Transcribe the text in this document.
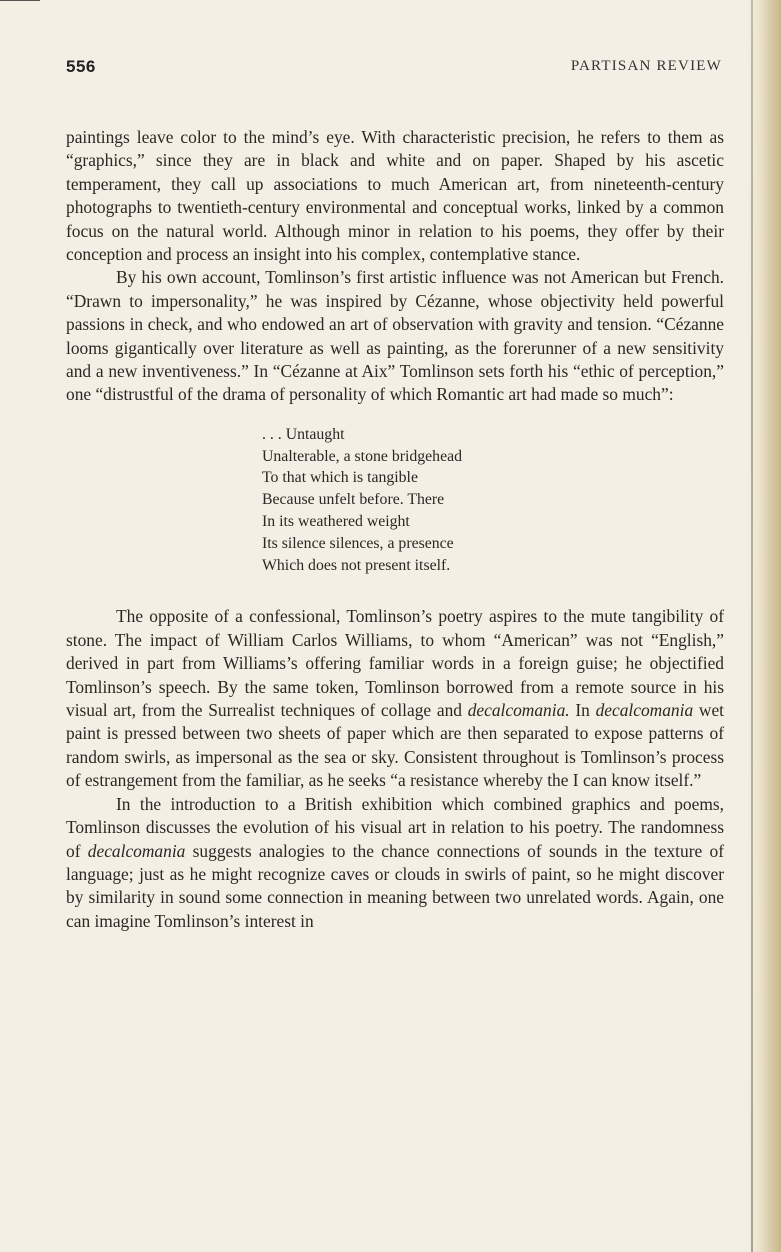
556	PARTISAN REVIEW

paintings leave color to the mind’s eye. With characteristic precision, he refers to them as “graphics,” since they are in black and white and on paper. Shaped by his ascetic temperament, they call up associations to much American art, from nineteenth-century photographs to twentieth-century environmental and conceptual works, linked by a common focus on the natural world. Although minor in relation to his poems, they offer by their conception and process an insight into his complex, contemplative stance.

By his own account, Tomlinson’s first artistic influence was not American but French. “Drawn to impersonality,” he was inspired by Cézanne, whose objectivity held powerful passions in check, and who endowed an art of observation with gravity and tension. “Cézanne looms gigantically over literature as well as painting, as the forerunner of a new sensitivity and a new inventiveness.” In “Cézanne at Aix” Tomlinson sets forth his “ethic of perception,” one “distrustful of the drama of personality of which Romantic art had made so much”:

. . . Untaught
Unalterable, a stone bridgehead
To that which is tangible
Because unfelt before. There
In its weathered weight
Its silence silences, a presence
Which does not present itself.

The opposite of a confessional, Tomlinson’s poetry aspires to the mute tangibility of stone. The impact of William Carlos Williams, to whom “American” was not “English,” derived in part from Williams’s offering familiar words in a foreign guise; he objectified Tomlinson’s speech. By the same token, Tomlinson borrowed from a remote source in his visual art, from the Surrealist techniques of collage and decalcomania. In decalcomania wet paint is pressed between two sheets of paper which are then separated to expose patterns of random swirls, as impersonal as the sea or sky. Consistent throughout is Tomlinson’s process of estrangement from the familiar, as he seeks “a resistance whereby the I can know itself.”

In the introduction to a British exhibition which combined graphics and poems, Tomlinson discusses the evolution of his visual art in relation to his poetry. The randomness of decalcomania suggests analogies to the chance connections of sounds in the texture of language; just as he might recognize caves or clouds in swirls of paint, so he might discover by similarity in sound some connection in meaning between two unrelated words. Again, one can imagine Tomlinson’s interest in
